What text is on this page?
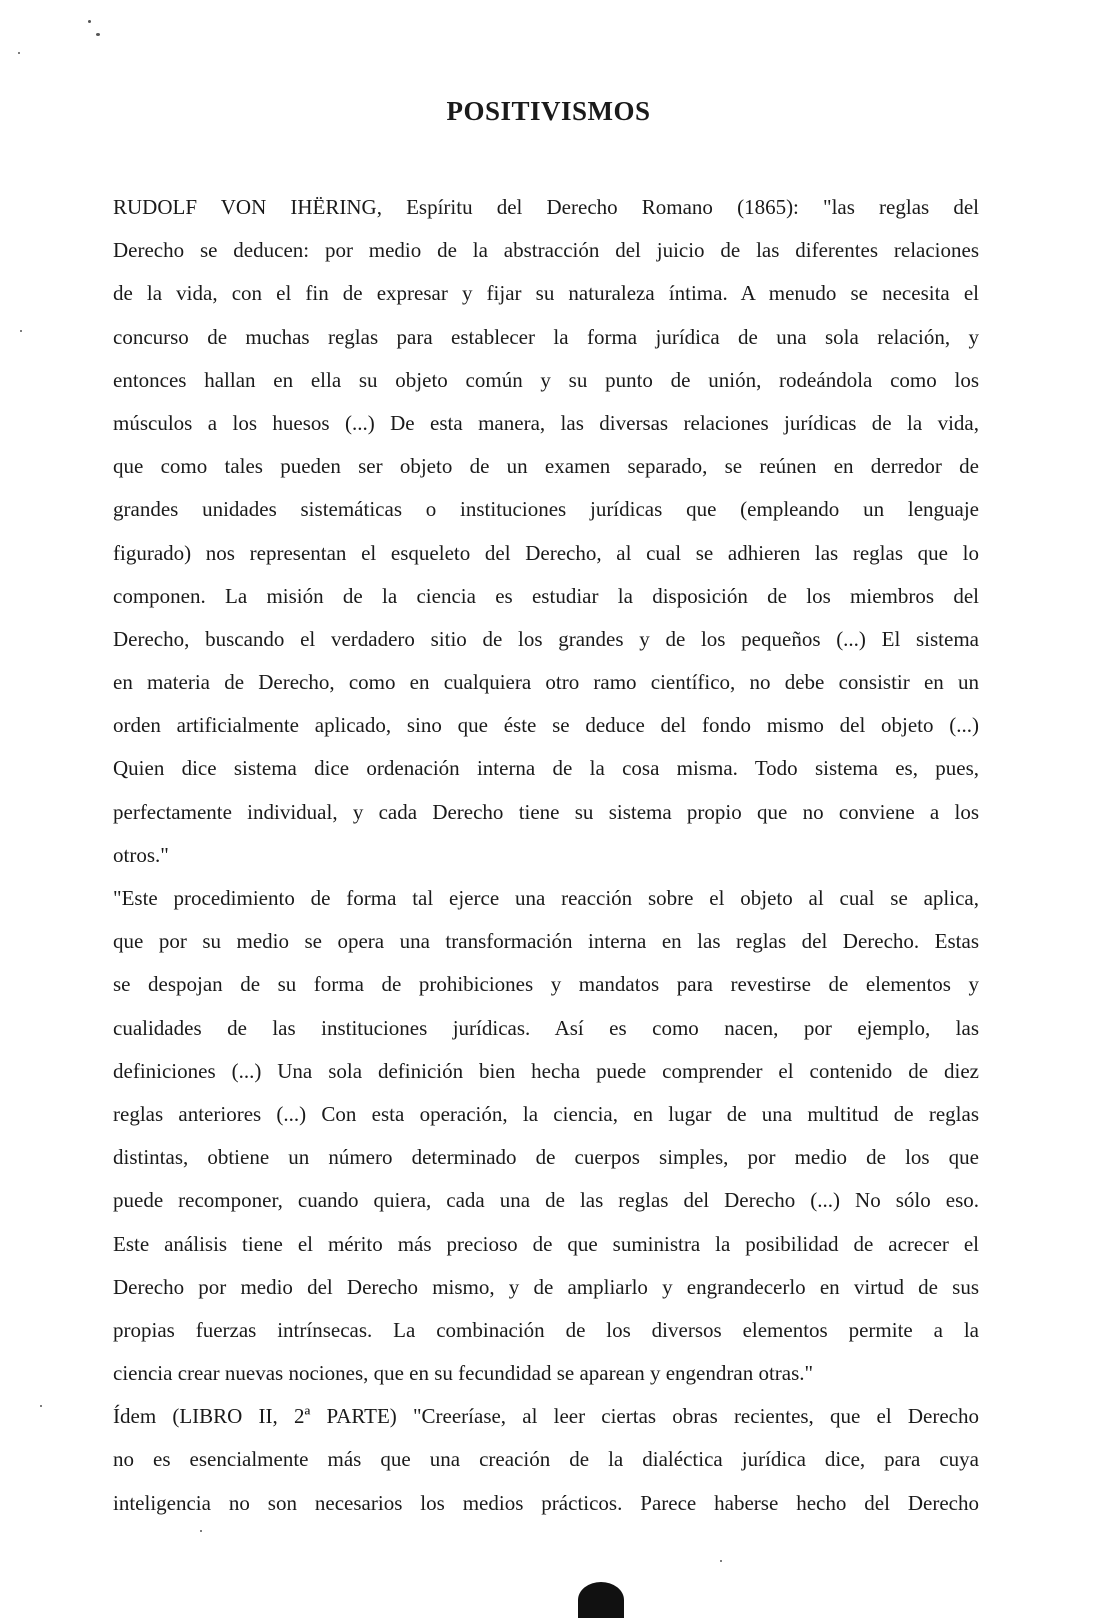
POSITIVISMOS
RUDOLF VON IHËRING, Espíritu del Derecho Romano (1865): "las reglas del
Derecho se deducen: por medio de la abstracción del juicio de las diferentes relaciones
de la vida, con el fin de expresar y fijar su naturaleza íntima. A menudo se necesita el
concurso de muchas reglas para establecer la forma jurídica de una sola relación, y
entonces hallan en ella su objeto común y su punto de unión, rodeándola como los
músculos a los huesos (...) De esta manera, las diversas relaciones jurídicas de la vida,
que como tales pueden ser objeto de un examen separado, se reúnen en derredor de
grandes unidades sistemáticas o instituciones jurídicas que (empleando un lenguaje
figurado) nos representan el esqueleto del Derecho, al cual se adhieren las reglas que lo
componen. La misión de la ciencia es estudiar la disposición de los miembros del
Derecho, buscando el verdadero sitio de los grandes y de los pequeños (...) El sistema
en materia de Derecho, como en cualquiera otro ramo científico, no debe consistir en un
orden artificialmente aplicado, sino que éste se deduce del fondo mismo del objeto (...)
Quien dice sistema dice ordenación interna de la cosa misma. Todo sistema es, pues,
perfectamente individual, y cada Derecho tiene su sistema propio que no conviene a los
otros."
"Este procedimiento de forma tal ejerce una reacción sobre el objeto al cual se aplica,
que por su medio se opera una transformación interna en las reglas del Derecho. Estas
se despojan de su forma de prohibiciones y mandatos para revestirse de elementos y
cualidades de las instituciones jurídicas. Así es como nacen, por ejemplo, las
definiciones (...) Una sola definición bien hecha puede comprender el contenido de diez
reglas anteriores (...) Con esta operación, la ciencia, en lugar de una multitud de reglas
distintas, obtiene un número determinado de cuerpos simples, por medio de los que
puede recomponer, cuando quiera, cada una de las reglas del Derecho (...) No sólo eso.
Este análisis tiene el mérito más precioso de que suministra la posibilidad de acrecer el
Derecho por medio del Derecho mismo, y de ampliarlo y engrandecerlo en virtud de sus
propias fuerzas intrínsecas. La combinación de los diversos elementos permite a la
ciencia crear nuevas nociones, que en su fecundidad se aparean y engendran otras."
Ídem (LIBRO II, 2ª PARTE) "Creeríase, al leer ciertas obras recientes, que el Derecho
no es esencialmente más que una creación de la dialéctica jurídica dice, para cuya
inteligencia no son necesarios los medios prácticos. Parece haberse hecho del Derecho
